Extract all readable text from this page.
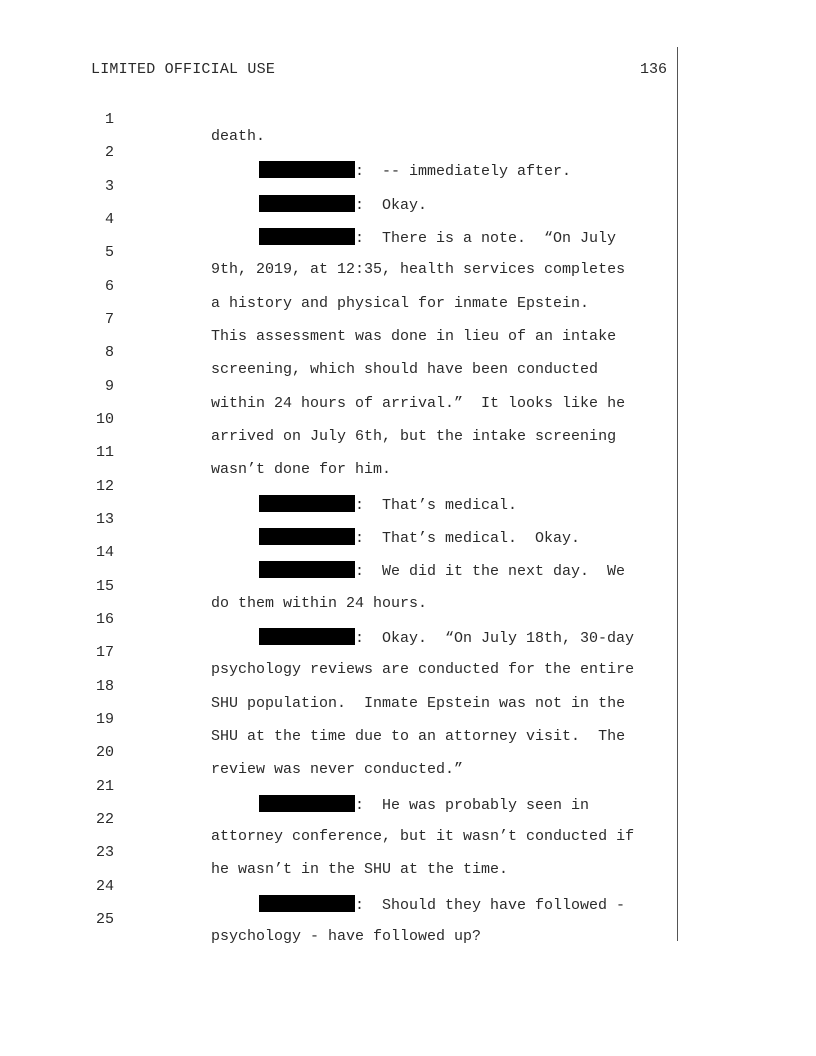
LIMITED OFFICIAL USE	136

1

death.

2

:  -- immediately after.

3

:  Okay.

4

:  There is a note.  “On July

5

9th, 2019, at 12:35, health services completes

6

a history and physical for inmate Epstein.

7

This assessment was done in lieu of an intake

8

screening, which should have been conducted

9

within 24 hours of arrival.”  It looks like he

10

arrived on July 6th, but the intake screening

11

wasn’t done for him.

12

:  That’s medical.

13

:  That’s medical.  Okay.

14

:  We did it the next day.  We

15

do them within 24 hours.

16

:  Okay.  “On July 18th, 30-day

17

psychology reviews are conducted for the entire

18

SHU population.  Inmate Epstein was not in the

19

SHU at the time due to an attorney visit.  The

20

review was never conducted.”

21

:  He was probably seen in

22

attorney conference, but it wasn’t conducted if

23

he wasn’t in the SHU at the time.

24

:  Should they have followed -

25

psychology - have followed up?
